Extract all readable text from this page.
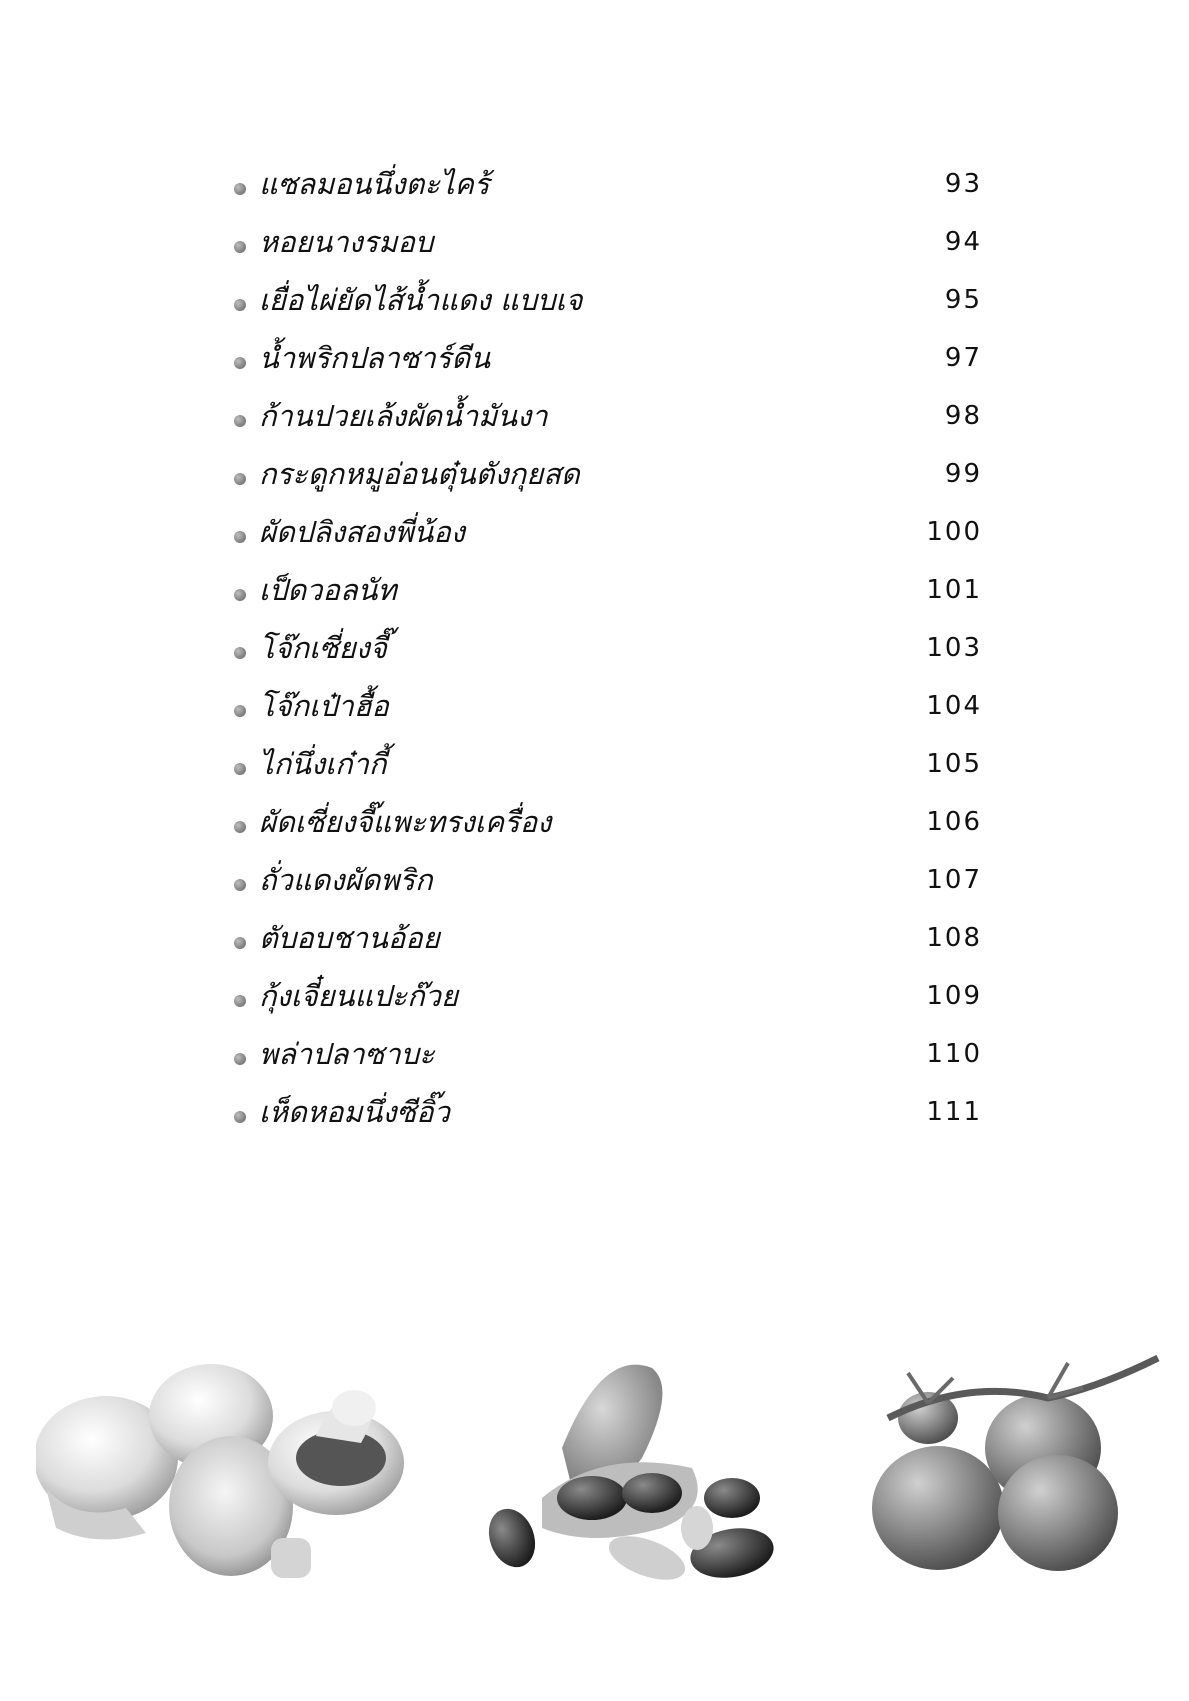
แซลมอนนึ่งตะไคร้	93
หอยนางรมอบ	94
เยื่อไผ่ยัดไส้น้ำแดง แบบเจ	95
น้ำพริกปลาซาร์ดีน	97
ก้านปวยเล้งผัดน้ำมันงา	98
กระดูกหมูอ่อนตุ๋นตังกุยสด	99
ผัดปลิงสองพี่น้อง	100
เป็ดวอลนัท	101
โจ๊กเซี่ยงจี๊	103
โจ๊กเป๋าฮื้อ	104
ไก่นึ่งเก๋ากี้	105
ผัดเซี่ยงจี๊แพะทรงเครื่อง	106
ถั่วแดงผัดพริก	107
ตับอบชานอ้อย	108
กุ้งเจี๋ยนแปะก๊วย	109
พล่าปลาซาบะ	110
เห็ดหอมนึ่งซีอิ๊ว	111
